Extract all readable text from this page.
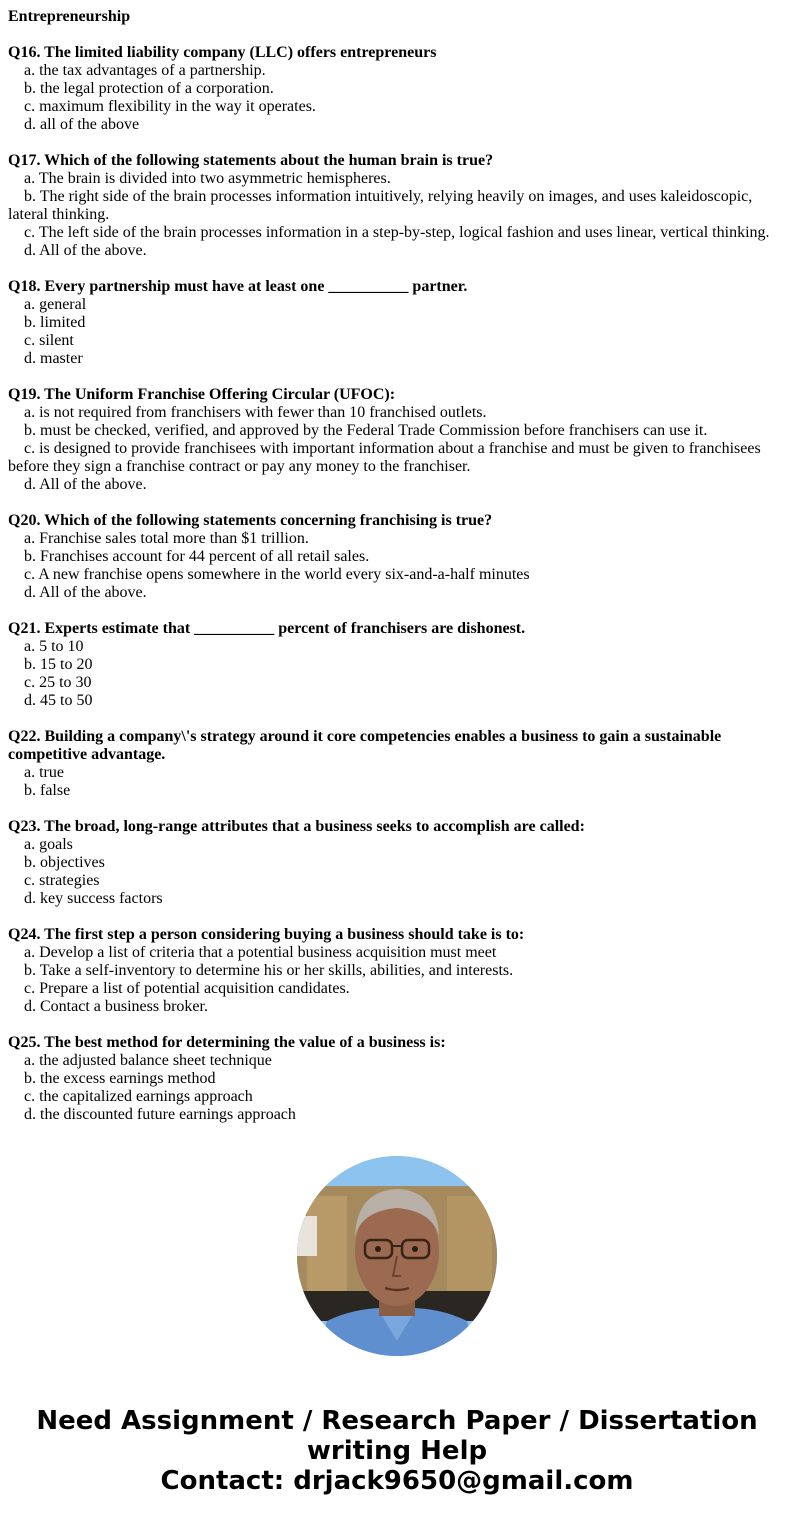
Entrepreneurship
Q16. The limited liability company (LLC) offers entrepreneurs
a. the tax advantages of a partnership.
b. the legal protection of a corporation.
c. maximum flexibility in the way it operates.
d. all of the above
Q17. Which of the following statements about the human brain is true?
a. The brain is divided into two asymmetric hemispheres.
b. The right side of the brain processes information intuitively, relying heavily on images, and uses kaleidoscopic, lateral thinking.
c. The left side of the brain processes information in a step-by-step, logical fashion and uses linear, vertical thinking.
d. All of the above.
Q18. Every partnership must have at least one __________ partner.
a. general
b. limited
c. silent
d. master
Q19. The Uniform Franchise Offering Circular (UFOC):
a. is not required from franchisers with fewer than 10 franchised outlets.
b. must be checked, verified, and approved by the Federal Trade Commission before franchisers can use it.
c. is designed to provide franchisees with important information about a franchise and must be given to franchisees before they sign a franchise contract or pay any money to the franchiser.
d. All of the above.
Q20. Which of the following statements concerning franchising is true?
a. Franchise sales total more than $1 trillion.
b. Franchises account for 44 percent of all retail sales.
c. A new franchise opens somewhere in the world every six-and-a-half minutes
d. All of the above.
Q21. Experts estimate that __________ percent of franchisers are dishonest.
a. 5 to 10
b. 15 to 20
c. 25 to 30
d. 45 to 50
Q22. Building a company\'s strategy around it core competencies enables a business to gain a sustainable competitive advantage.
a. true
b. false
Q23. The broad, long-range attributes that a business seeks to accomplish are called:
a. goals
b. objectives
c. strategies
d. key success factors
Q24. The first step a person considering buying a business should take is to:
a. Develop a list of criteria that a potential business acquisition must meet
b. Take a self-inventory to determine his or her skills, abilities, and interests.
c. Prepare a list of potential acquisition candidates.
d. Contact a business broker.
Q25. The best method for determining the value of a business is:
a. the adjusted balance sheet technique
b. the excess earnings method
c. the capitalized earnings approach
d. the discounted future earnings approach
Need Assignment / Research Paper / Dissertation writing Help
Contact: drjack9650@gmail.com
